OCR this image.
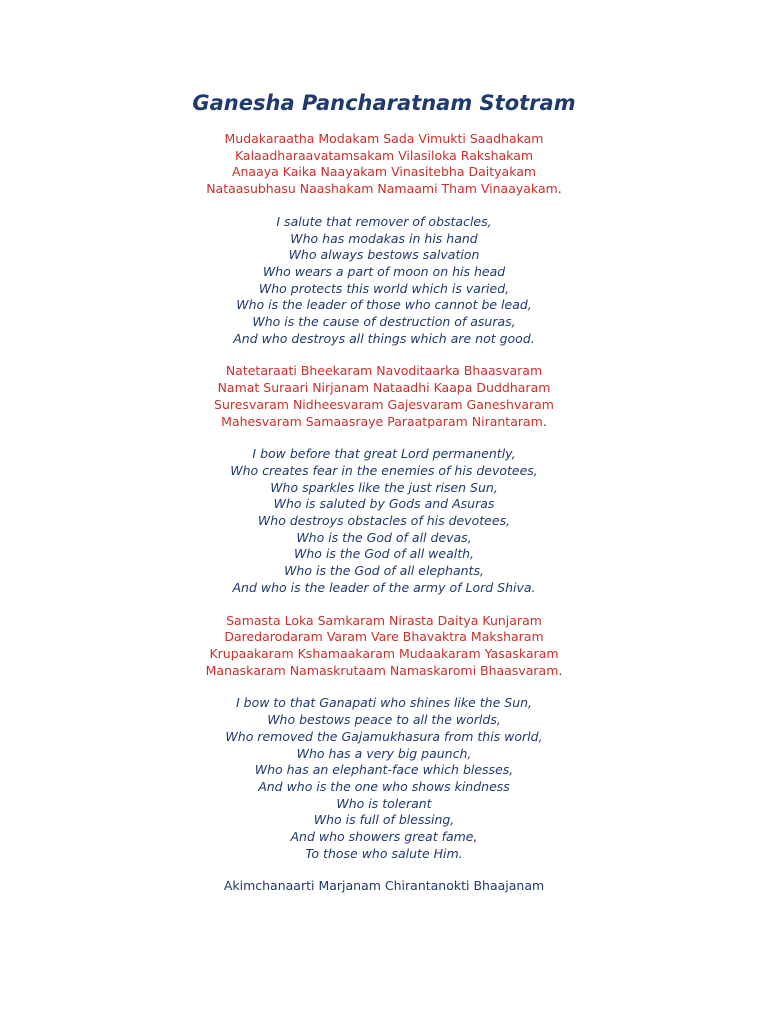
Ganesha Pancharatnam Stotram
Mudakaraatha Modakam Sada Vimukti Saadhakam
Kalaadharaavatamsakam Vilasiloka Rakshakam
Anaaya Kaika Naayakam Vinasitebha Daityakam
Nataasubhasu Naashakam Namaami Tham Vinaayakam.
I salute that remover of obstacles,
Who has modakas in his hand
Who always bestows salvation
Who wears a part of moon on his head
Who protects this world which is varied,
Who is the leader of those who cannot be lead,
Who is the cause of destruction of asuras,
And who destroys all things which are not good.
Natetaraati Bheekaram Navoditaarka Bhaasvaram
Namat Suraari Nirjanam Nataadhi Kaapa Duddharam
Suresvaram Nidheesvaram Gajesvaram Ganeshvaram
Mahesvaram Samaasraye Paraatparam Nirantaram.
I bow before that great Lord permanently,
Who creates fear in the enemies of his devotees,
Who sparkles like the just risen Sun,
Who is saluted by Gods and Asuras
Who destroys obstacles of his devotees,
Who is the God of all devas,
Who is the God of all wealth,
Who is the God of all elephants,
And who is the leader of the army of Lord Shiva.
Samasta Loka Samkaram Nirasta Daitya Kunjaram
Daredarodaram Varam Vare Bhavaktra Maksharam
Krupaakaram Kshamaakaram Mudaakaram Yasaskaram
Manaskaram Namaskrutaam Namaskaromi Bhaasvaram.
I bow to that Ganapati who shines like the Sun,
Who bestows peace to all the worlds,
Who removed the Gajamukhasura from this world,
Who has a very big paunch,
Who has an elephant-face which blesses,
And who is the one who shows kindness
Who is tolerant
Who is full of blessing,
And who showers great fame,
To those who salute Him.
Akimchanaarti Marjanam Chirantanokti Bhaajanam
